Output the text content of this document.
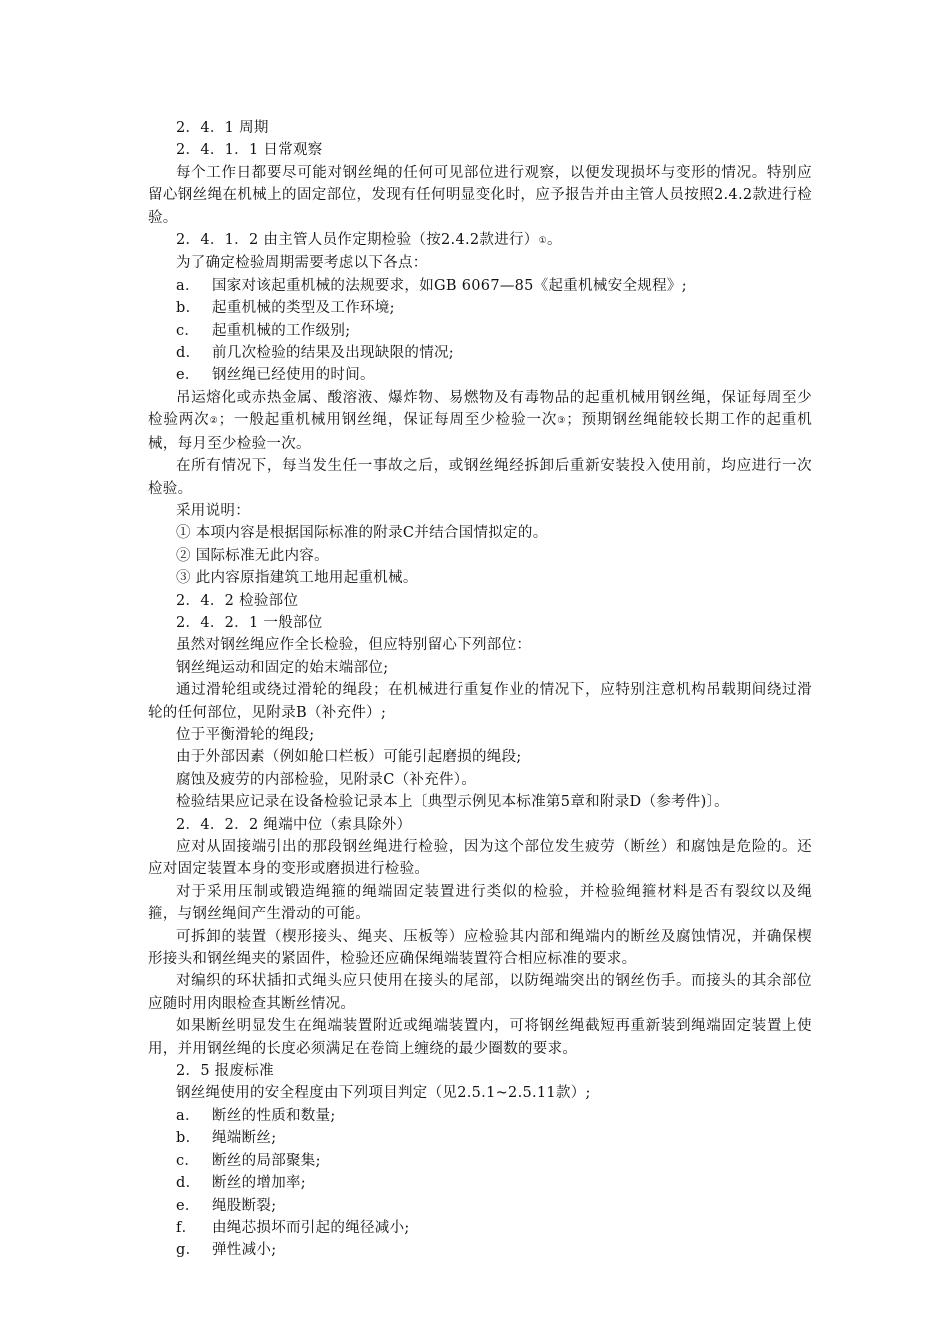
2．4．1 周期

2．4．1．1 日常观察

每个工作日都要尽可能对钢丝绳的任何可见部位进行观察，以便发现损坏与变形的情况。特别应留心钢丝绳在机械上的固定部位，发现有任何明显变化时，应予报告并由主管人员按照2.4.2款进行检验。

2．4．1．2 由主管人员作定期检验（按2.4.2款进行）①。

为了确定检验周期需要考虑以下各点：

a． 国家对该起重机械的法规要求，如GB 6067—85《起重机械安全规程》;

b． 起重机械的类型及工作环境;

c． 起重机械的工作级别;

d． 前几次检验的结果及出现缺限的情况;

e． 钢丝绳已经使用的时间。

吊运熔化或赤热金属、酸溶液、爆炸物、易燃物及有毒物品的起重机械用钢丝绳，保证每周至少检验两次②；一般起重机械用钢丝绳，保证每周至少检验一次③；预期钢丝绳能较长期工作的起重机械，每月至少检验一次。

在所有情况下，每当发生任一事故之后，或钢丝绳经拆卸后重新安装投入使用前，均应进行一次检验。

采用说明：

① 本项内容是根据国际标准的附录C并结合国情拟定的。

② 国际标准无此内容。

③ 此内容原指建筑工地用起重机械。

2．4．2 检验部位

2．4．2．1 一般部位

虽然对钢丝绳应作全长检验，但应特别留心下列部位：

钢丝绳运动和固定的始末端部位;

通过滑轮组或绕过滑轮的绳段；在机械进行重复作业的情况下，应特别注意机构吊载期间绕过滑轮的任何部位，见附录B（补充件）;

位于平衡滑轮的绳段;

由于外部因素（例如舱口栏板）可能引起磨损的绳段;

腐蚀及疲劳的内部检验，见附录C（补充件）。

检验结果应记录在设备检验记录本上〔典型示例见本标准第5章和附录D（参考件)〕。

2．4．2．2 绳端中位（索具除外）

应对从固接端引出的那段钢丝绳进行检验，因为这个部位发生疲劳（断丝）和腐蚀是危险的。还应对固定装置本身的变形或磨损进行检验。

对于采用压制或锻造绳箍的绳端固定装置进行类似的检验，并检验绳箍材料是否有裂纹以及绳箍，与钢丝绳间产生滑动的可能。

可拆卸的装置（楔形接头、绳夹、压板等）应检验其内部和绳端内的断丝及腐蚀情况，并确保楔形接头和钢丝绳夹的紧固件，检验还应确保绳端装置符合相应标准的要求。

对编织的环状插扣式绳头应只使用在接头的尾部，以防绳端突出的钢丝伤手。而接头的其余部位应随时用肉眼检查其断丝情况。

如果断丝明显发生在绳端装置附近或绳端装置内，可将钢丝绳截短再重新装到绳端固定装置上使用，并用钢丝绳的长度必须满足在卷筒上缠绕的最少圈数的要求。

2．5 报废标准

钢丝绳使用的安全程度由下列项目判定（见2.5.1~2.5.11款）;

a． 断丝的性质和数量;

b． 绳端断丝;

c． 断丝的局部聚集;

d． 断丝的增加率;

e． 绳股断裂;

f． 由绳芯损坏而引起的绳径减小;

g． 弹性减小;
